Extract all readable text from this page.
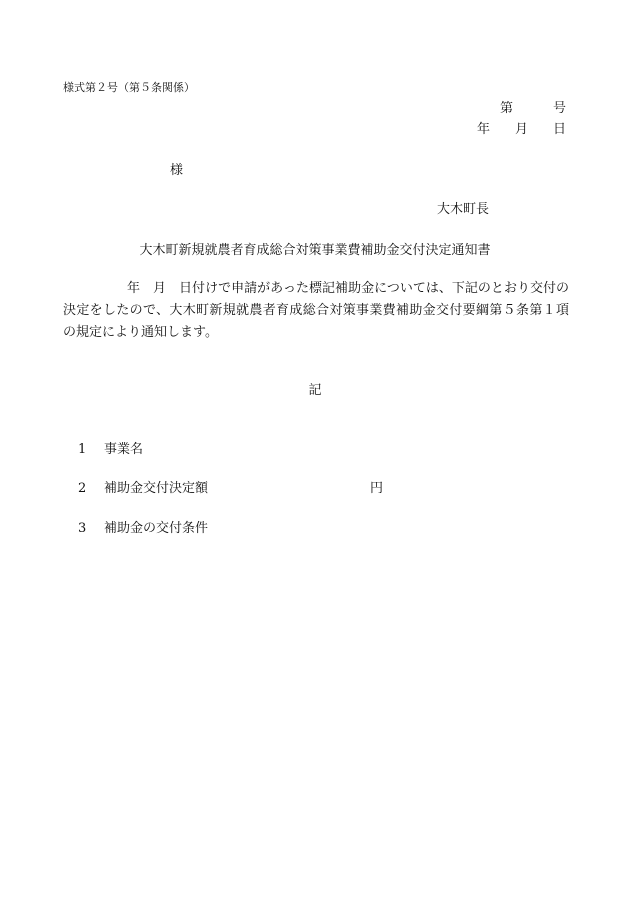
様式第２号（第５条関係）
第	号
年 月 日
様
大木町長
大木町新規就農者育成総合対策事業費補助金交付決定通知書

年　月　日付けで申請があった標記補助金については、下記のとおり交付の決定をしたので、大木町新規就農者育成総合対策事業費補助金交付要綱第５条第１項の規定により通知します。

記
1 事業名
2 補助金交付決定額	円
3 補助金の交付条件
